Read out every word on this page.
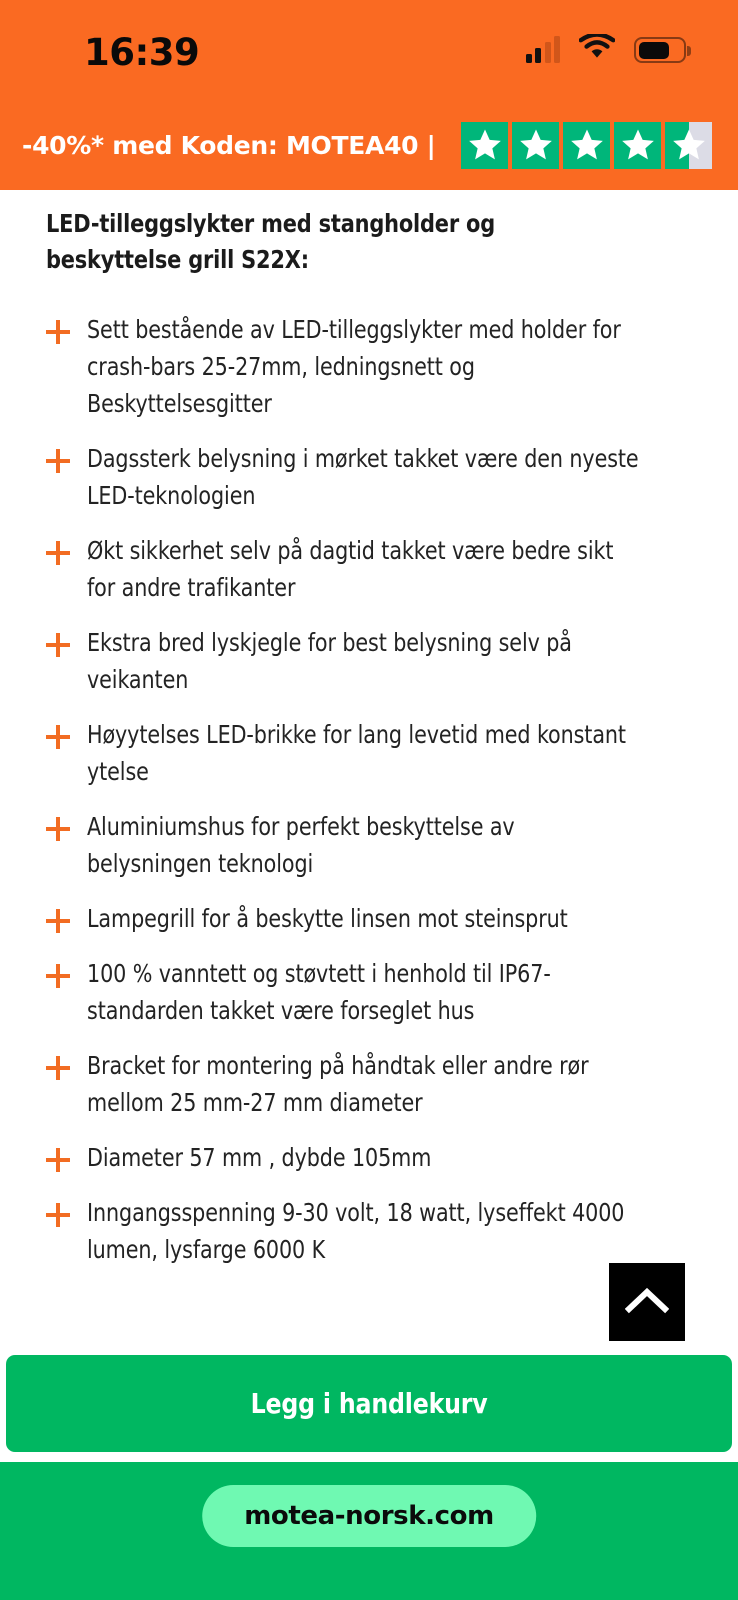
16:39
-40%* med Koden: MOTEA40 |
LED-tilleggslykter med stangholder og beskyttelse grill S22X:
Sett bestående av LED-tilleggslykter med holder for crash-bars 25-27mm, ledningsnett og Beskyttelsesgitter
Dagssterk belysning i mørket takket være den nyeste LED-teknologien
Økt sikkerhet selv på dagtid takket være bedre sikt for andre trafikanter
Ekstra bred lyskjegle for best belysning selv på veikanten
Høyytelses LED-brikke for lang levetid med konstant ytelse
Aluminiumshus for perfekt beskyttelse av belysningen teknologi
Lampegrill for å beskytte linsen mot steinsprut
100 % vanntett og støvtett i henhold til IP67-standarden takket være forseglet hus
Bracket for montering på håndtak eller andre rør mellom 25 mm-27 mm diameter
Diameter 57 mm , dybde 105mm
Inngangsspenning 9-30 volt, 18 watt, lyseffekt 4000 lumen, lysfarge 6000 K
Legg i handlekurv
motea-norsk.com
